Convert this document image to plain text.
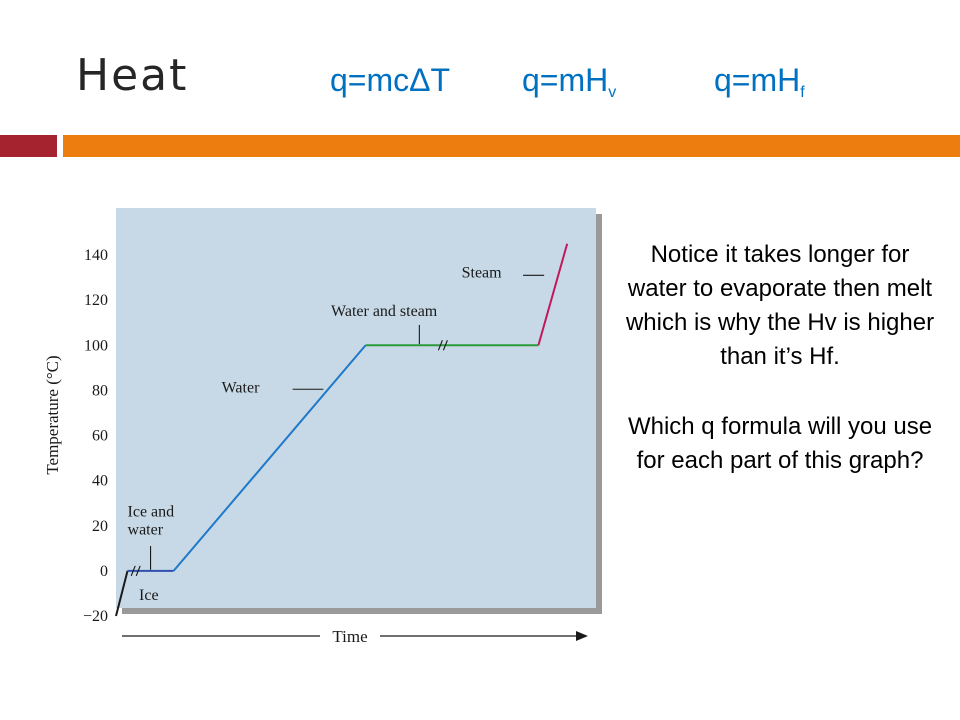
Heat	q=mcΔT $q=mH_v$	$q=mH_f$
−20
0
20
40
60
80
100
120
140
Ice
Ice and water
Water
Water and steam
Steam
Temperature (°C)
Time

Notice it takes longer for water to evaporate then melt which is why the Hv is higher than it’s Hf.

Which q formula will you use for each part of this graph?
